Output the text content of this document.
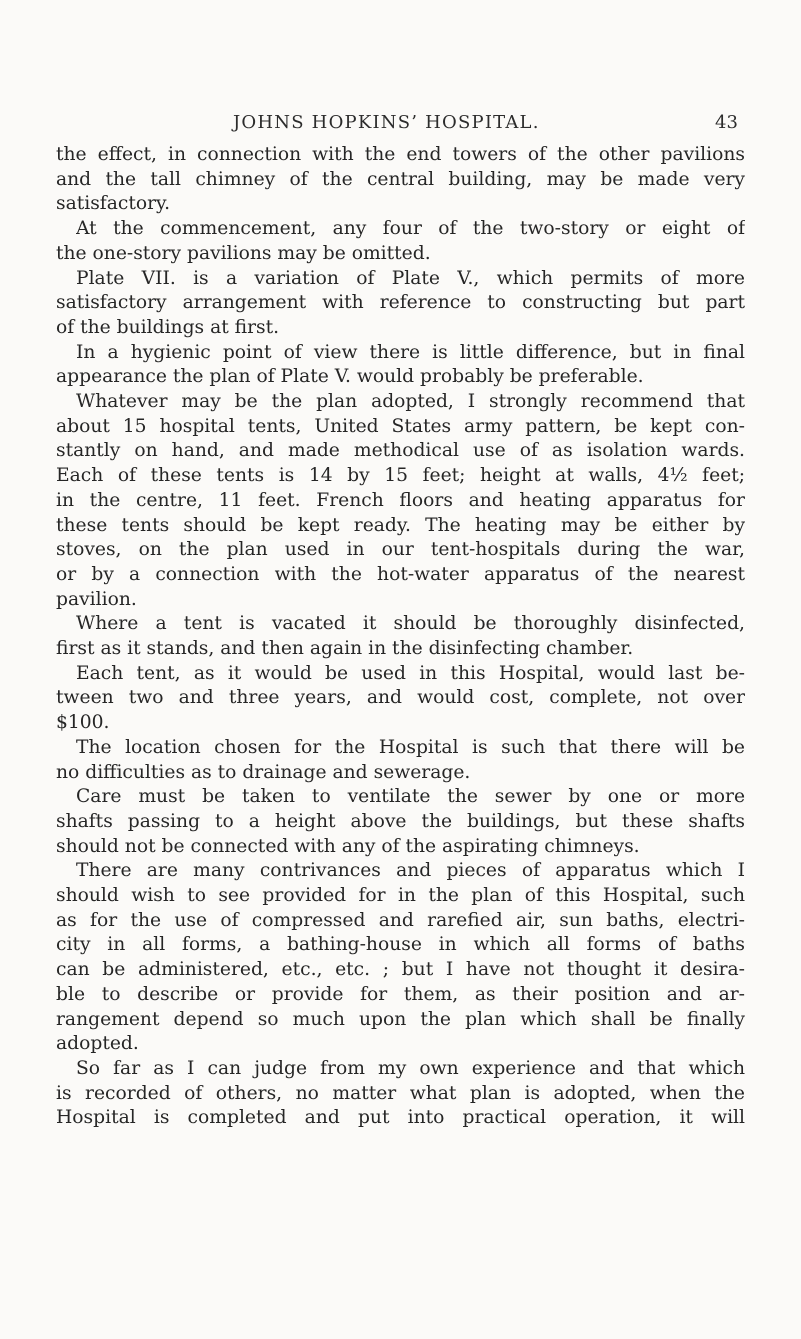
JOHNS HOPKINS’ HOSPITAL.	43
the effect, in connection with the end towers of the other pavilions
and the tall chimney of the central building, may be made very
satisfactory.
At the commencement, any four of the two-story or eight of
the one-story pavilions may be omitted.
Plate VII. is a variation of Plate V., which permits of more
satisfactory arrangement with reference to constructing but part
of the buildings at first.
In a hygienic point of view there is little difference, but in final
appearance the plan of Plate V. would probably be preferable.
Whatever may be the plan adopted, I strongly recommend that
about 15 hospital tents, United States army pattern, be kept con-
stantly on hand, and made methodical use of as isolation wards.
Each of these tents is 14 by 15 feet; height at walls, 4½ feet;
in the centre, 11 feet. French floors and heating apparatus for
these tents should be kept ready. The heating may be either by
stoves, on the plan used in our tent-hospitals during the war,
or by a connection with the hot-water apparatus of the nearest
pavilion.
Where a tent is vacated it should be thoroughly disinfected,
first as it stands, and then again in the disinfecting chamber.
Each tent, as it would be used in this Hospital, would last be-
tween two and three years, and would cost, complete, not over
$100.
The location chosen for the Hospital is such that there will be
no difficulties as to drainage and sewerage.
Care must be taken to ventilate the sewer by one or more
shafts passing to a height above the buildings, but these shafts
should not be connected with any of the aspirating chimneys.
There are many contrivances and pieces of apparatus which I
should wish to see provided for in the plan of this Hospital, such
as for the use of compressed and rarefied air, sun baths, electri-
city in all forms, a bathing-house in which all forms of baths
can be administered, etc., etc. ; but I have not thought it desira-
ble to describe or provide for them, as their position and ar-
rangement depend so much upon the plan which shall be finally
adopted.
So far as I can judge from my own experience and that which
is recorded of others, no matter what plan is adopted, when the
Hospital is completed and put into practical operation, it will
